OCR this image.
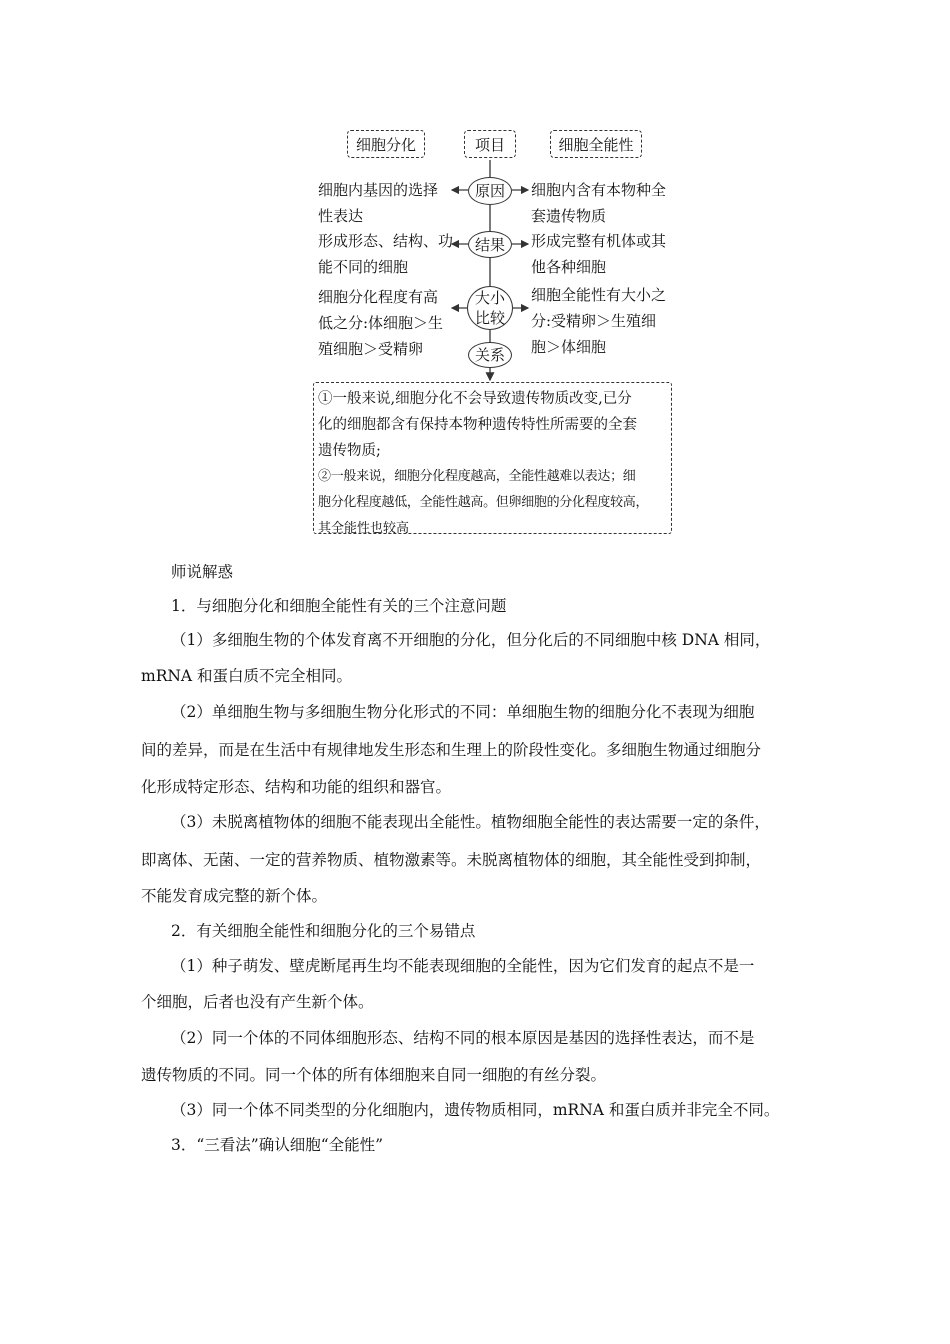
细胞分化	项目	细胞全能性
原因
细胞内基因的选择
性表达
细胞内含有本物种全
套遗传物质
结果
形成形态、结构、功
能不同的细胞
形成完整有机体或其
他各种细胞
大小
比较
细胞分化程度有高
低之分:体细胞＞生
殖细胞＞受精卵
细胞全能性有大小之
分:受精卵＞生殖细
胞＞体细胞
关系

①一般来说,细胞分化不会导致遗传物质改变,已分

化的细胞都含有保持本物种遗传特性所需要的全套

遗传物质;

②一般来说，细胞分化程度越高，全能性越难以表达；细

胞分化程度越低，全能性越高。但卵细胞的分化程度较高，

其全能性也较高

师说解惑
1．与细胞分化和细胞全能性有关的三个注意问题
（1）多细胞生物的个体发育离不开细胞的分化，但分化后的不同细胞中核 DNA 相同，
mRNA 和蛋白质不完全相同。
（2）单细胞生物与多细胞生物分化形式的不同：单细胞生物的细胞分化不表现为细胞
间的差异，而是在生活中有规律地发生形态和生理上的阶段性变化。多细胞生物通过细胞分
化形成特定形态、结构和功能的组织和器官。
（3）未脱离植物体的细胞不能表现出全能性。植物细胞全能性的表达需要一定的条件，
即离体、无菌、一定的营养物质、植物激素等。未脱离植物体的细胞，其全能性受到抑制，
不能发育成完整的新个体。
2．有关细胞全能性和细胞分化的三个易错点
（1）种子萌发、壁虎断尾再生均不能表现细胞的全能性，因为它们发育的起点不是一
个细胞，后者也没有产生新个体。
（2）同一个体的不同体细胞形态、结构不同的根本原因是基因的选择性表达，而不是
遗传物质的不同。同一个体的所有体细胞来自同一细胞的有丝分裂。
（3）同一个体不同类型的分化细胞内，遗传物质相同，mRNA 和蛋白质并非完全不同。
3．“三看法”确认细胞“全能性”
